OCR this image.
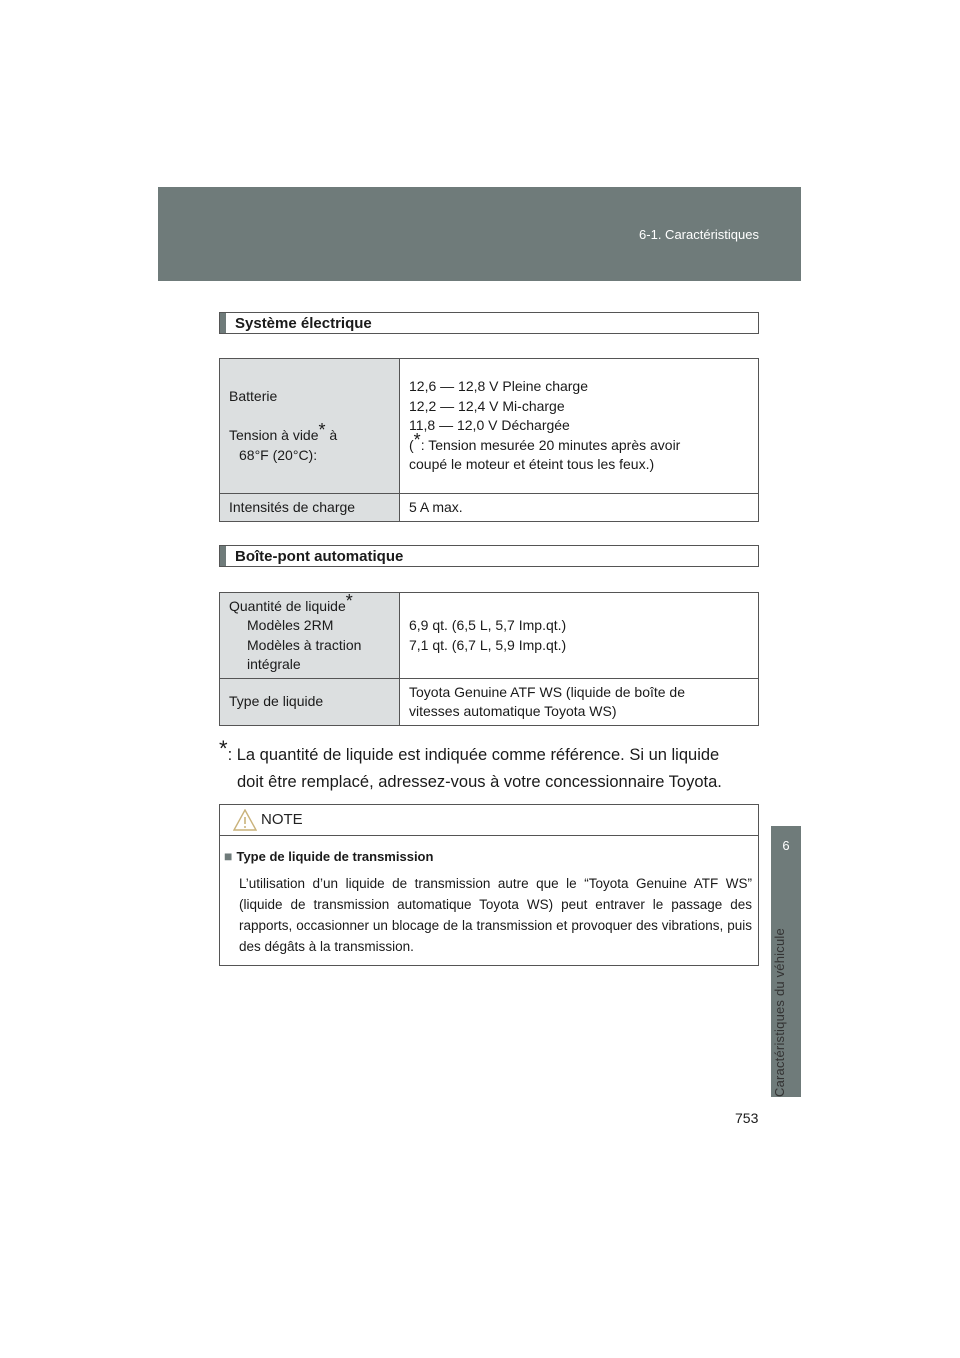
6-1. Caractéristiques
6
Caractéristiques du véhicule
Système électrique
Batterie
Tension à vide* à
68°F (20°C):	12,6 — 12,8 V Pleine charge
12,2 — 12,4 V Mi-charge
11,8 — 12,0 V Déchargée
(*: Tension mesurée 20 minutes après avoir
coupé le moteur et éteint tous les feux.)

Intensités de charge	5 A max.
Boîte-pont automatique
Quantité de liquide*
Modèles 2RM
Modèles à traction
intégrale	6,9 qt. (6,5 L, 5,7 Imp.qt.)
7,1 qt. (6,7 L, 5,9 Imp.qt.)

Type de liquide	Toyota Genuine ATF WS (liquide de boîte de
vitesses automatique Toyota WS)
*: La quantité de liquide est indiquée comme référence. Si un liquide
doit être remplacé, adressez-vous à votre concessionnaire Toyota.
NOTE
■ Type de liquide de transmission
L’utilisation d’un liquide de transmission autre que le “Toyota Genuine ATF WS” (liquide de transmission automatique Toyota WS) peut entraver le passage des rapports, occasionner un blocage de la transmission et provoquer des vibrations, puis des dégâts à la transmission.
753
